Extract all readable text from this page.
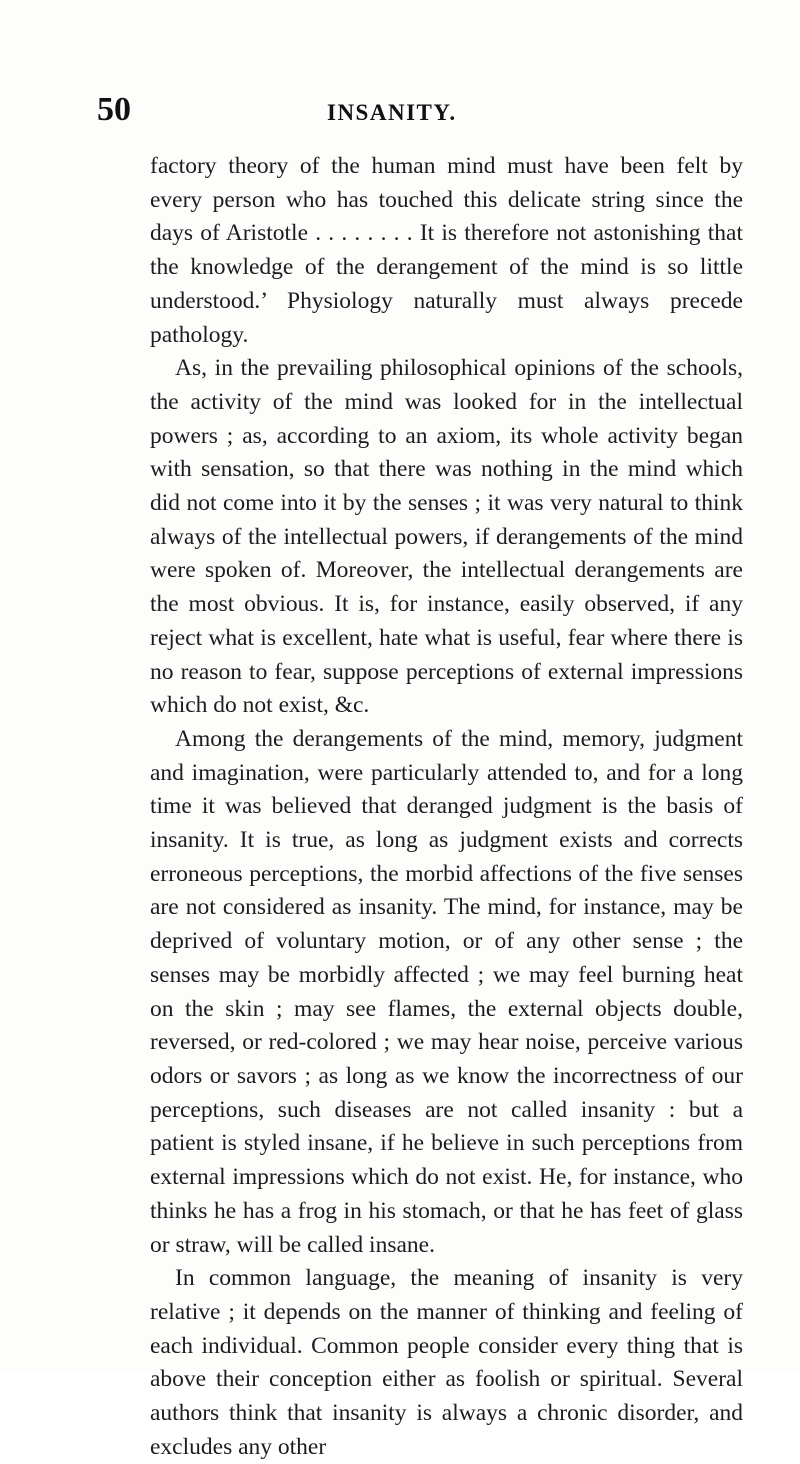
50	INSANITY.

factory theory of the human mind must have been felt by every person who has touched this delicate string since the days of Aristotle . . . . . . . . It is therefore not astonishing that the knowledge of the derangement of the mind is so little understood.’ Physiology naturally must always precede pathology.

As, in the prevailing philosophical opinions of the schools, the activity of the mind was looked for in the intellectual powers ; as, according to an axiom, its whole activity began with sensation, so that there was nothing in the mind which did not come into it by the senses ; it was very natural to think always of the intellectual powers, if derangements of the mind were spoken of. Moreover, the intellectual derangements are the most obvious. It is, for instance, easily observed, if any reject what is excellent, hate what is useful, fear where there is no reason to fear, suppose perceptions of external impressions which do not exist, &c.

Among the derangements of the mind, memory, judgment and imagination, were particularly attended to, and for a long time it was believed that deranged judgment is the basis of insanity. It is true, as long as judgment exists and corrects erroneous perceptions, the morbid affections of the five senses are not considered as insanity. The mind, for instance, may be deprived of voluntary motion, or of any other sense ; the senses may be morbidly affected ; we may feel burning heat on the skin ; may see flames, the external objects double, reversed, or red-colored ; we may hear noise, perceive various odors or savors ; as long as we know the incorrectness of our perceptions, such diseases are not called insanity : but a patient is styled insane, if he believe in such perceptions from external impressions which do not exist. He, for instance, who thinks he has a frog in his stomach, or that he has feet of glass or straw, will be called insane.

In common language, the meaning of insanity is very relative ; it depends on the manner of thinking and feeling of each individual. Common people consider every thing that is above their conception either as foolish or spiritual. Several authors think that insanity is always a chronic disorder, and excludes any other
